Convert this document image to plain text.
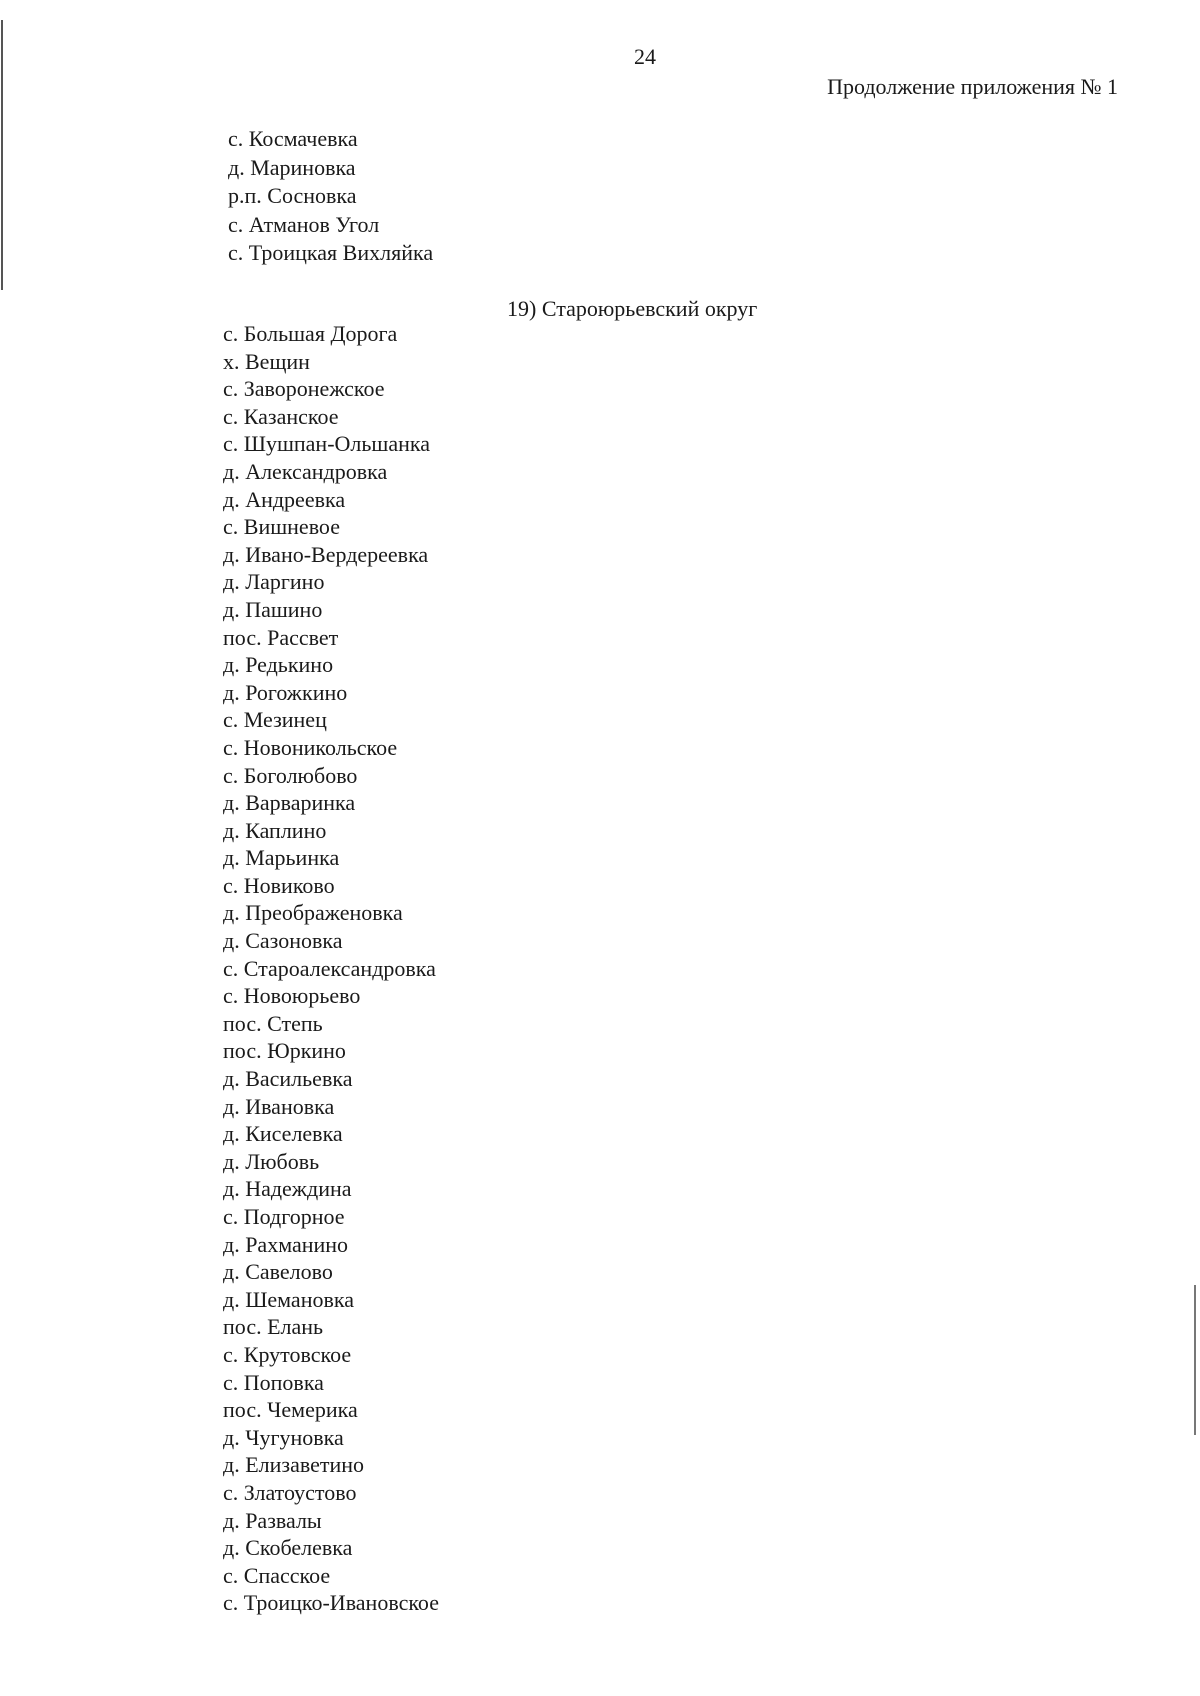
24
Продолжение приложения № 1
с. Космачевка
д. Мариновка
р.п. Сосновка
с. Атманов Угол
с. Троицкая Вихляйка
19) Староюрьевский округ
с. Большая Дорога
х. Вещин
с. Заворонежское
с. Казанское
с. Шушпан-Ольшанка
д. Александровка
д. Андреевка
с. Вишневое
д. Ивано-Вердереевка
д. Ларгино
д. Пашино
пос. Рассвет
д. Редькино
д. Рогожкино
с. Мезинец
с. Новоникольское
с. Боголюбово
д. Варваринка
д. Каплино
д. Марьинка
с. Новиково
д. Преображеновка
д. Сазоновка
с. Староалександровка
с. Новоюрьево
пос. Степь
пос. Юркино
д. Васильевка
д. Ивановка
д. Киселевка
д. Любовь
д. Надеждина
с. Подгорное
д. Рахманино
д. Савелово
д. Шемановка
пос. Елань
с. Крутовское
с. Поповка
пос. Чемерика
д. Чугуновка
д. Елизаветино
с. Златоустово
д. Развалы
д. Скобелевка
с. Спасское
с. Троицко-Ивановское
